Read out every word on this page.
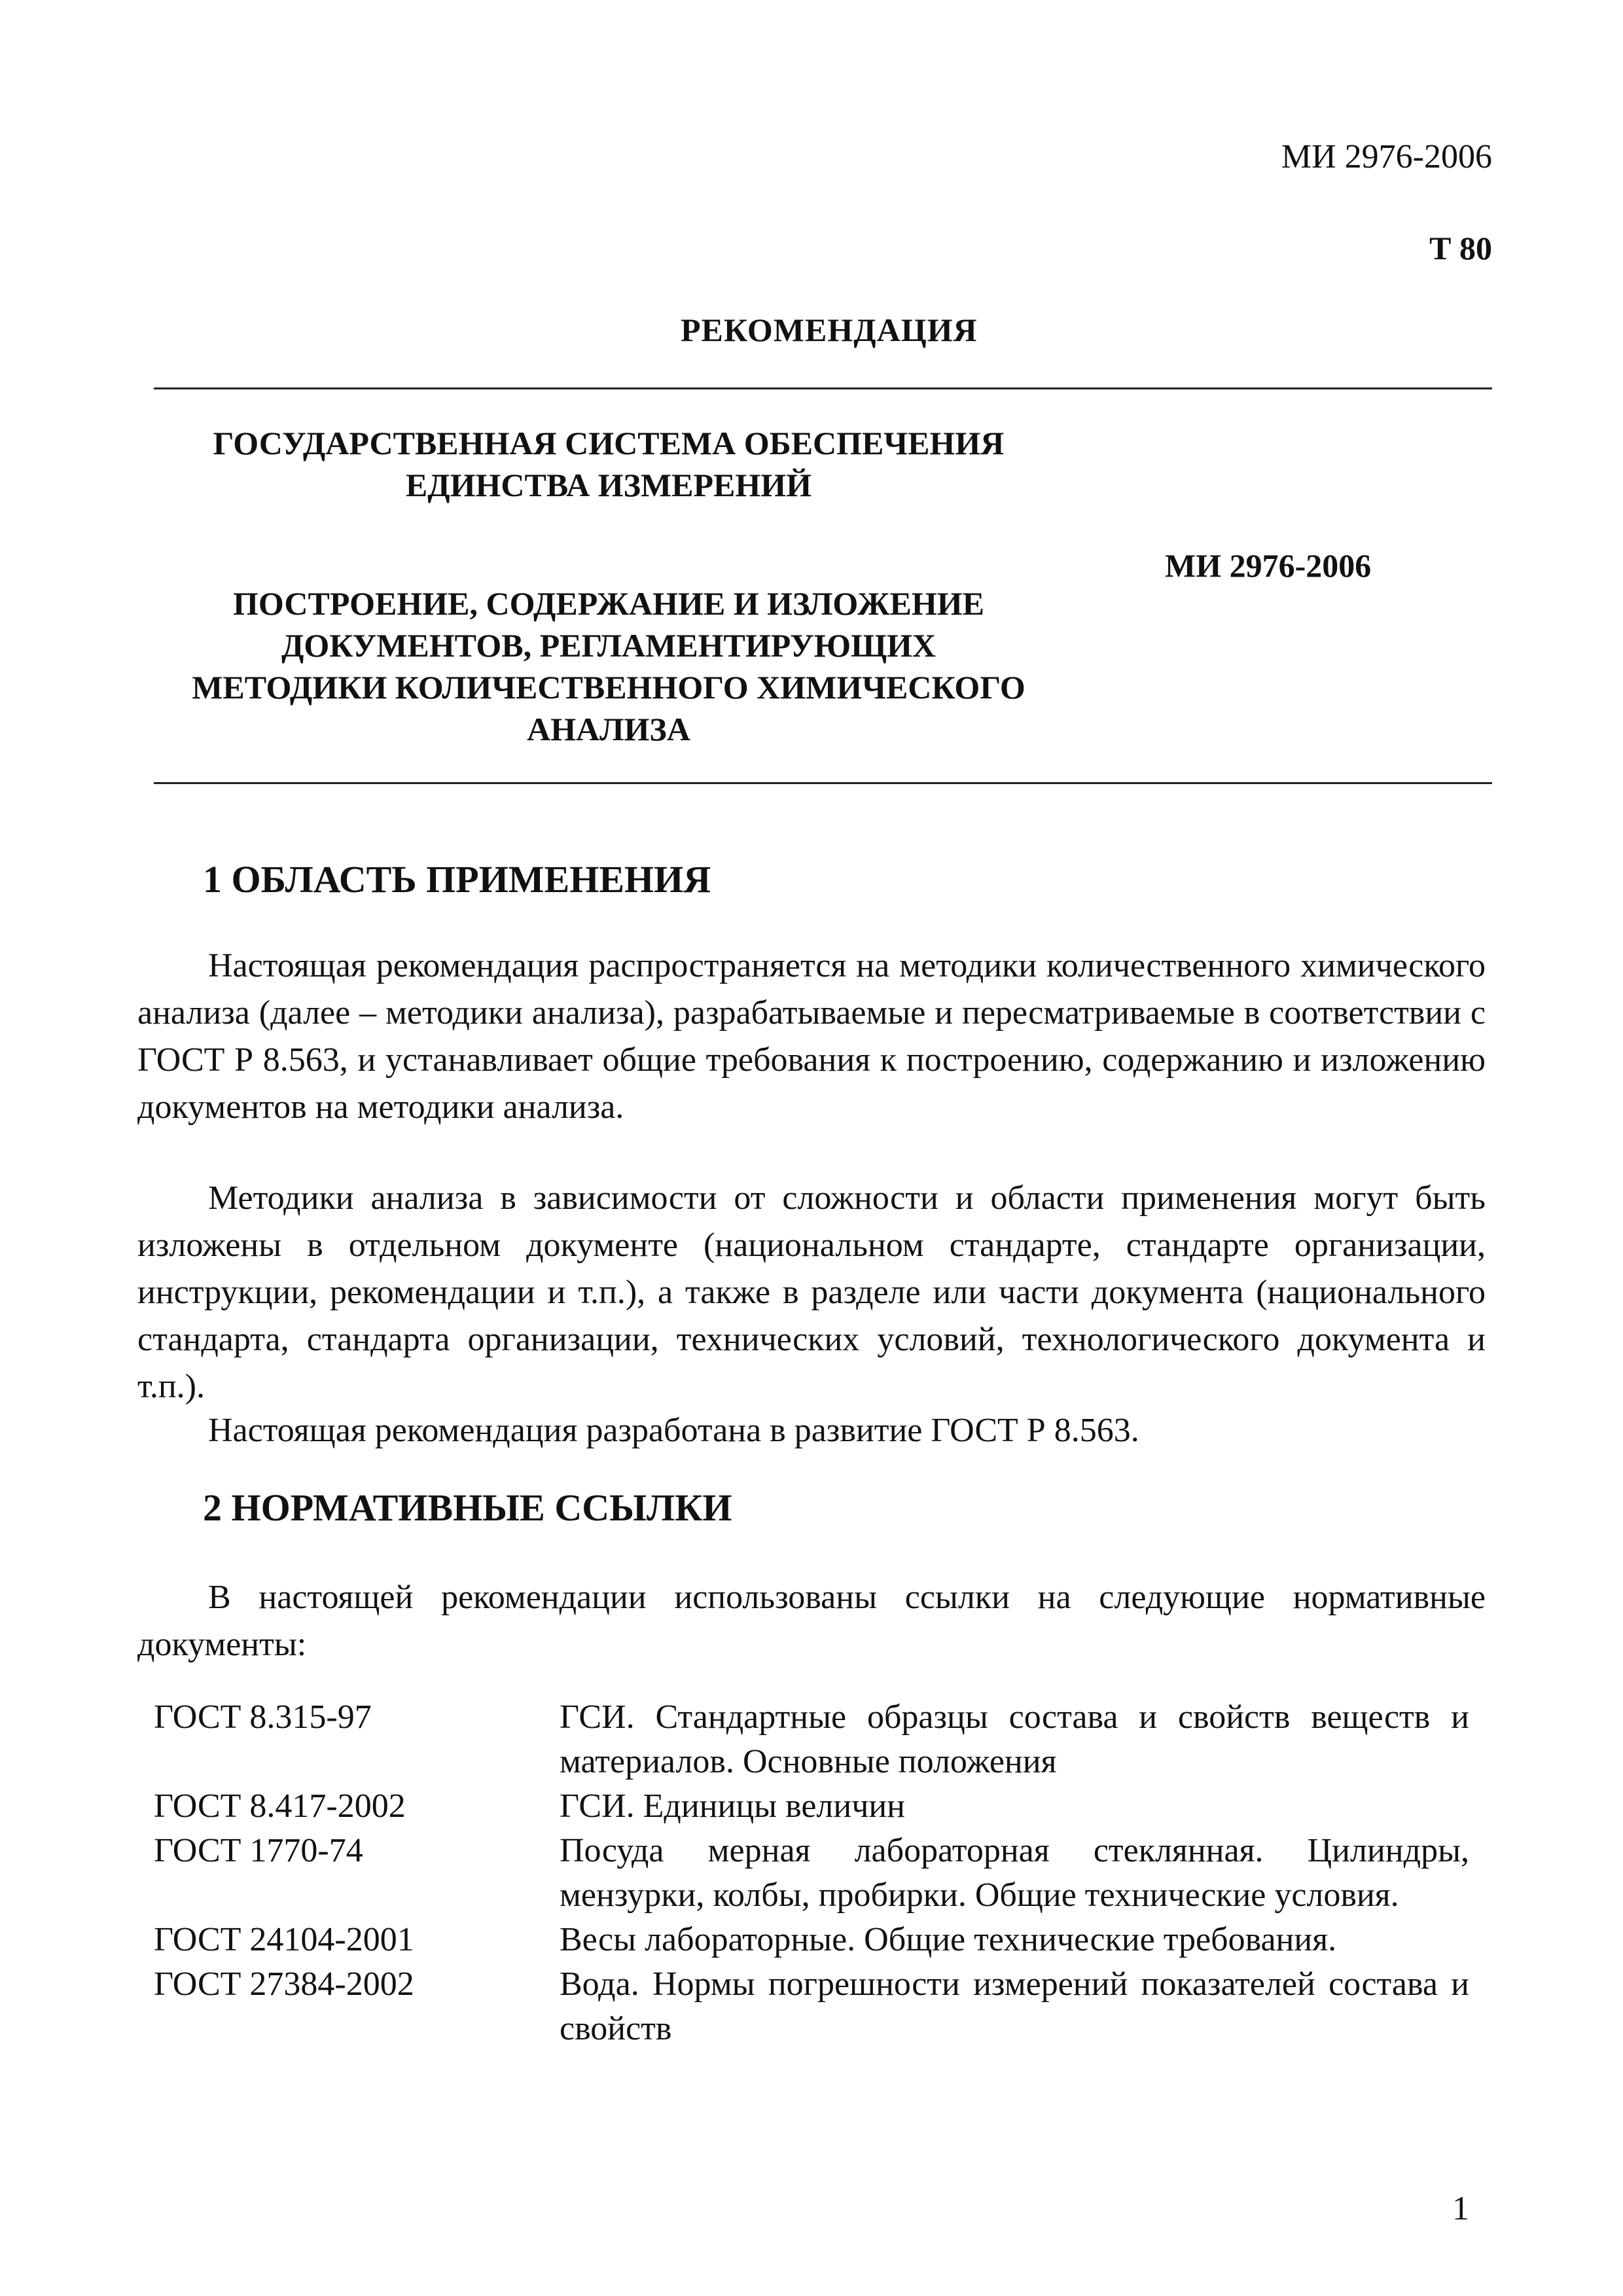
МИ 2976-2006
Т 80
РЕКОМЕНДАЦИЯ
ГОСУДАРСТВЕННАЯ СИСТЕМА ОБЕСПЕЧЕНИЯ
ЕДИНСТВА ИЗМЕРЕНИЙ
МИ 2976-2006
ПОСТРОЕНИЕ, СОДЕРЖАНИЕ И ИЗЛОЖЕНИЕ
ДОКУМЕНТОВ, РЕГЛАМЕНТИРУЮЩИХ
МЕТОДИКИ КОЛИЧЕСТВЕННОГО ХИМИЧЕСКОГО
АНАЛИЗА
1 ОБЛАСТЬ ПРИМЕНЕНИЯ

Настоящая рекомендация распространяется на методики количественного химического анализа (далее – методики анализа), разрабатываемые и пересматриваемые в соответствии с ГОСТ Р 8.563, и устанавливает общие требования к построению, содержанию и изложению документов на методики анализа.

Методики анализа в зависимости от сложности и области применения могут быть изложены в отдельном документе (национальном стандарте, стандарте организации, инструкции, рекомендации и т.п.), а также в разделе или части документа (национального стандарта, стандарта организации, технических условий, технологического документа и т.п.).

Настоящая рекомендация разработана в развитие ГОСТ Р 8.563.

2 НОРМАТИВНЫЕ ССЫЛКИ

В настоящей рекомендации использованы ссылки на следующие нормативные документы:

ГОСТ 8.315-97	ГСИ. Стандартные образцы состава и свойств веществ и материалов. Основные положения
ГОСТ 8.417-2002	ГСИ. Единицы величин
ГОСТ 1770-74	Посуда мерная лабораторная стеклянная. Цилиндры, мензурки, колбы, пробирки. Общие технические условия.
ГОСТ 24104-2001	Весы лабораторные. Общие технические требования.
ГОСТ 27384-2002	Вода. Нормы погрешности измерений показателей состава и свойств
1
